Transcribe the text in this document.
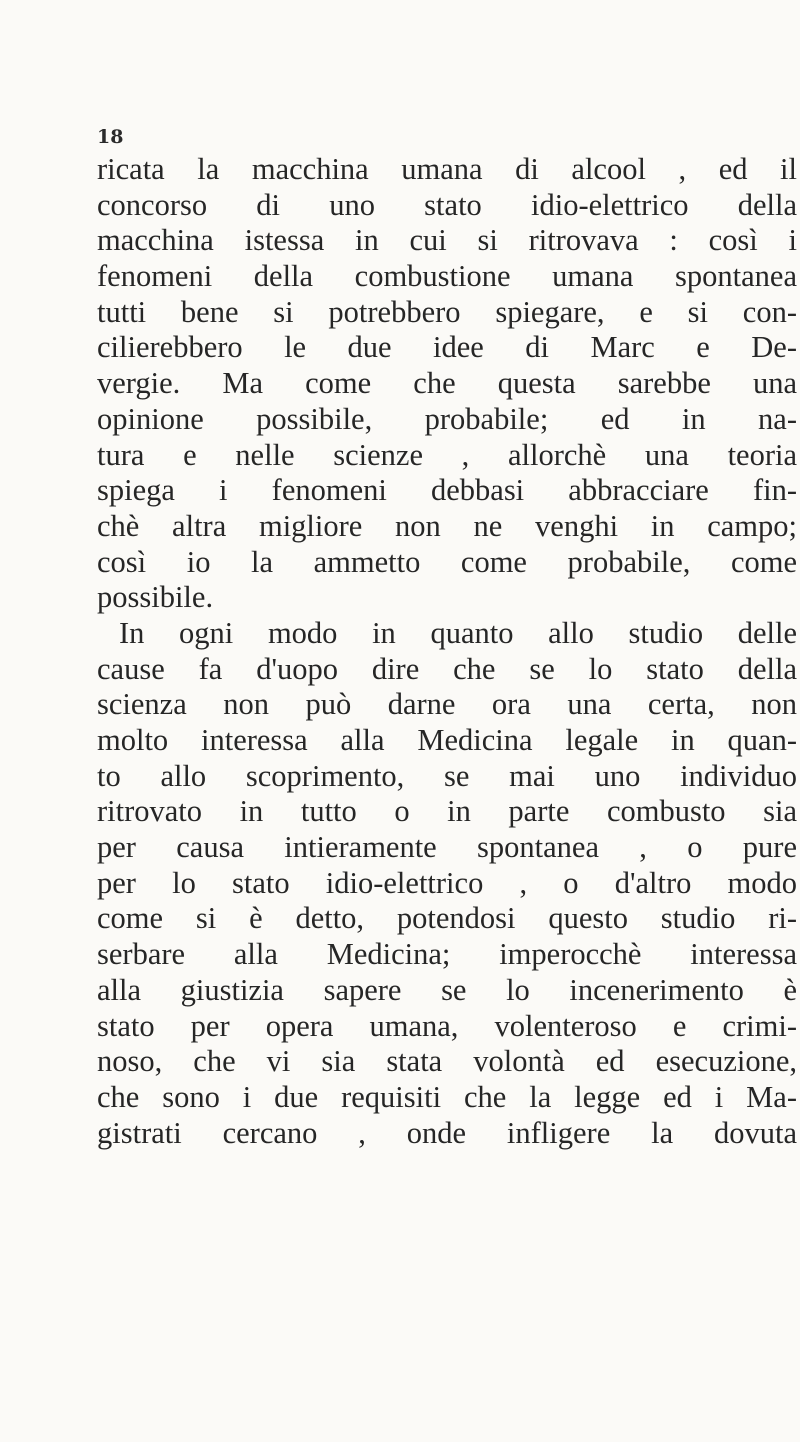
18
ricata la macchina umana di alcool , ed il
concorso di uno stato idio-elettrico della
macchina istessa in cui si ritrovava : così i
fenomeni della combustione umana spontanea
tutti bene si potrebbero spiegare, e si con-
cilierebbero le due idee di Marc e De-
vergie. Ma come che questa sarebbe una
opinione possibile, probabile; ed in na-
tura e nelle scienze , allorchè una teoria
spiega i fenomeni debbasi abbracciare fin-
chè altra migliore non ne venghi in campo;
così io la ammetto come probabile, come
possibile.
In ogni modo in quanto allo studio delle
cause fa d'uopo dire che se lo stato della
scienza non può darne ora una certa, non
molto interessa alla Medicina legale in quan-
to allo scoprimento, se mai uno individuo
ritrovato in tutto o in parte combusto sia
per causa intieramente spontanea , o pure
per lo stato idio-elettrico , o d'altro modo
come si è detto, potendosi questo studio ri-
serbare alla Medicina; imperocchè interessa
alla giustizia sapere se lo incenerimento è
stato per opera umana, volenteroso e crimi-
noso, che vi sia stata volontà ed esecuzione,
che sono i due requisiti che la legge ed i Ma-
gistrati cercano , onde infligere la dovuta
